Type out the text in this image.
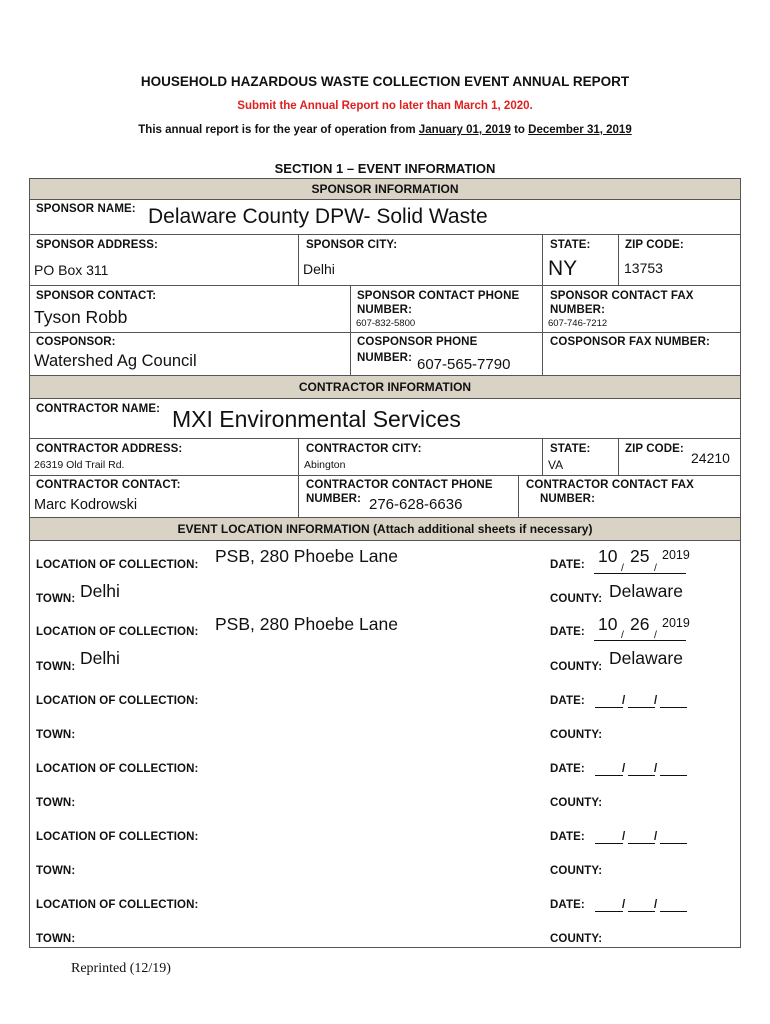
HOUSEHOLD HAZARDOUS WASTE COLLECTION EVENT ANNUAL REPORT
Submit the Annual Report no later than March 1, 2020.
This annual report is for the year of operation from January 01, 2019 to December 31, 2019
SECTION 1 – EVENT INFORMATION
SPONSOR INFORMATION
CONTRACTOR INFORMATION
EVENT LOCATION INFORMATION (Attach additional sheets if necessary)
SPONSOR NAME: Delaware County DPW- Solid Waste
SPONSOR ADDRESS:
PO Box 311
SPONSOR CITY:
Delhi
STATE:
NY
ZIP CODE:
13753
SPONSOR CONTACT:
Tyson Robb
SPONSOR CONTACT PHONE
NUMBER:
607-832-5800
SPONSOR CONTACT FAX
NUMBER:
607-746-7212
COSPONSOR:
Watershed Ag Council
COSPONSOR PHONE
NUMBER: 607-565-7790
COSPONSOR FAX NUMBER:
CONTRACTOR NAME: MXI Environmental Services
CONTRACTOR ADDRESS:
26319 Old Trail Rd.
CONTRACTOR CITY:
Abington
STATE:
VA
ZIP CODE:
24210
CONTRACTOR CONTACT:
Marc Kodrowski
CONTRACTOR CONTACT PHONE
NUMBER: 276-628-6636
CONTRACTOR CONTACT FAX
NUMBER:
LOCATION OF COLLECTION: PSB, 280 Phoebe Lane	DATE: 10
/
25
/
2019
TOWN: Delhi	COUNTY: Delaware
LOCATION OF COLLECTION: PSB, 280 Phoebe Lane	DATE: 10
/
26
/
2019
TOWN: Delhi	COUNTY: Delaware
LOCATION OF COLLECTION:	DATE:	/ /
TOWN:	COUNTY:
LOCATION OF COLLECTION:	DATE:	/ /
TOWN:	COUNTY:
LOCATION OF COLLECTION:	DATE:	/ /
TOWN:	COUNTY:
LOCATION OF COLLECTION:	DATE:	/ /
TOWN:	COUNTY:
Reprinted (12/19)
